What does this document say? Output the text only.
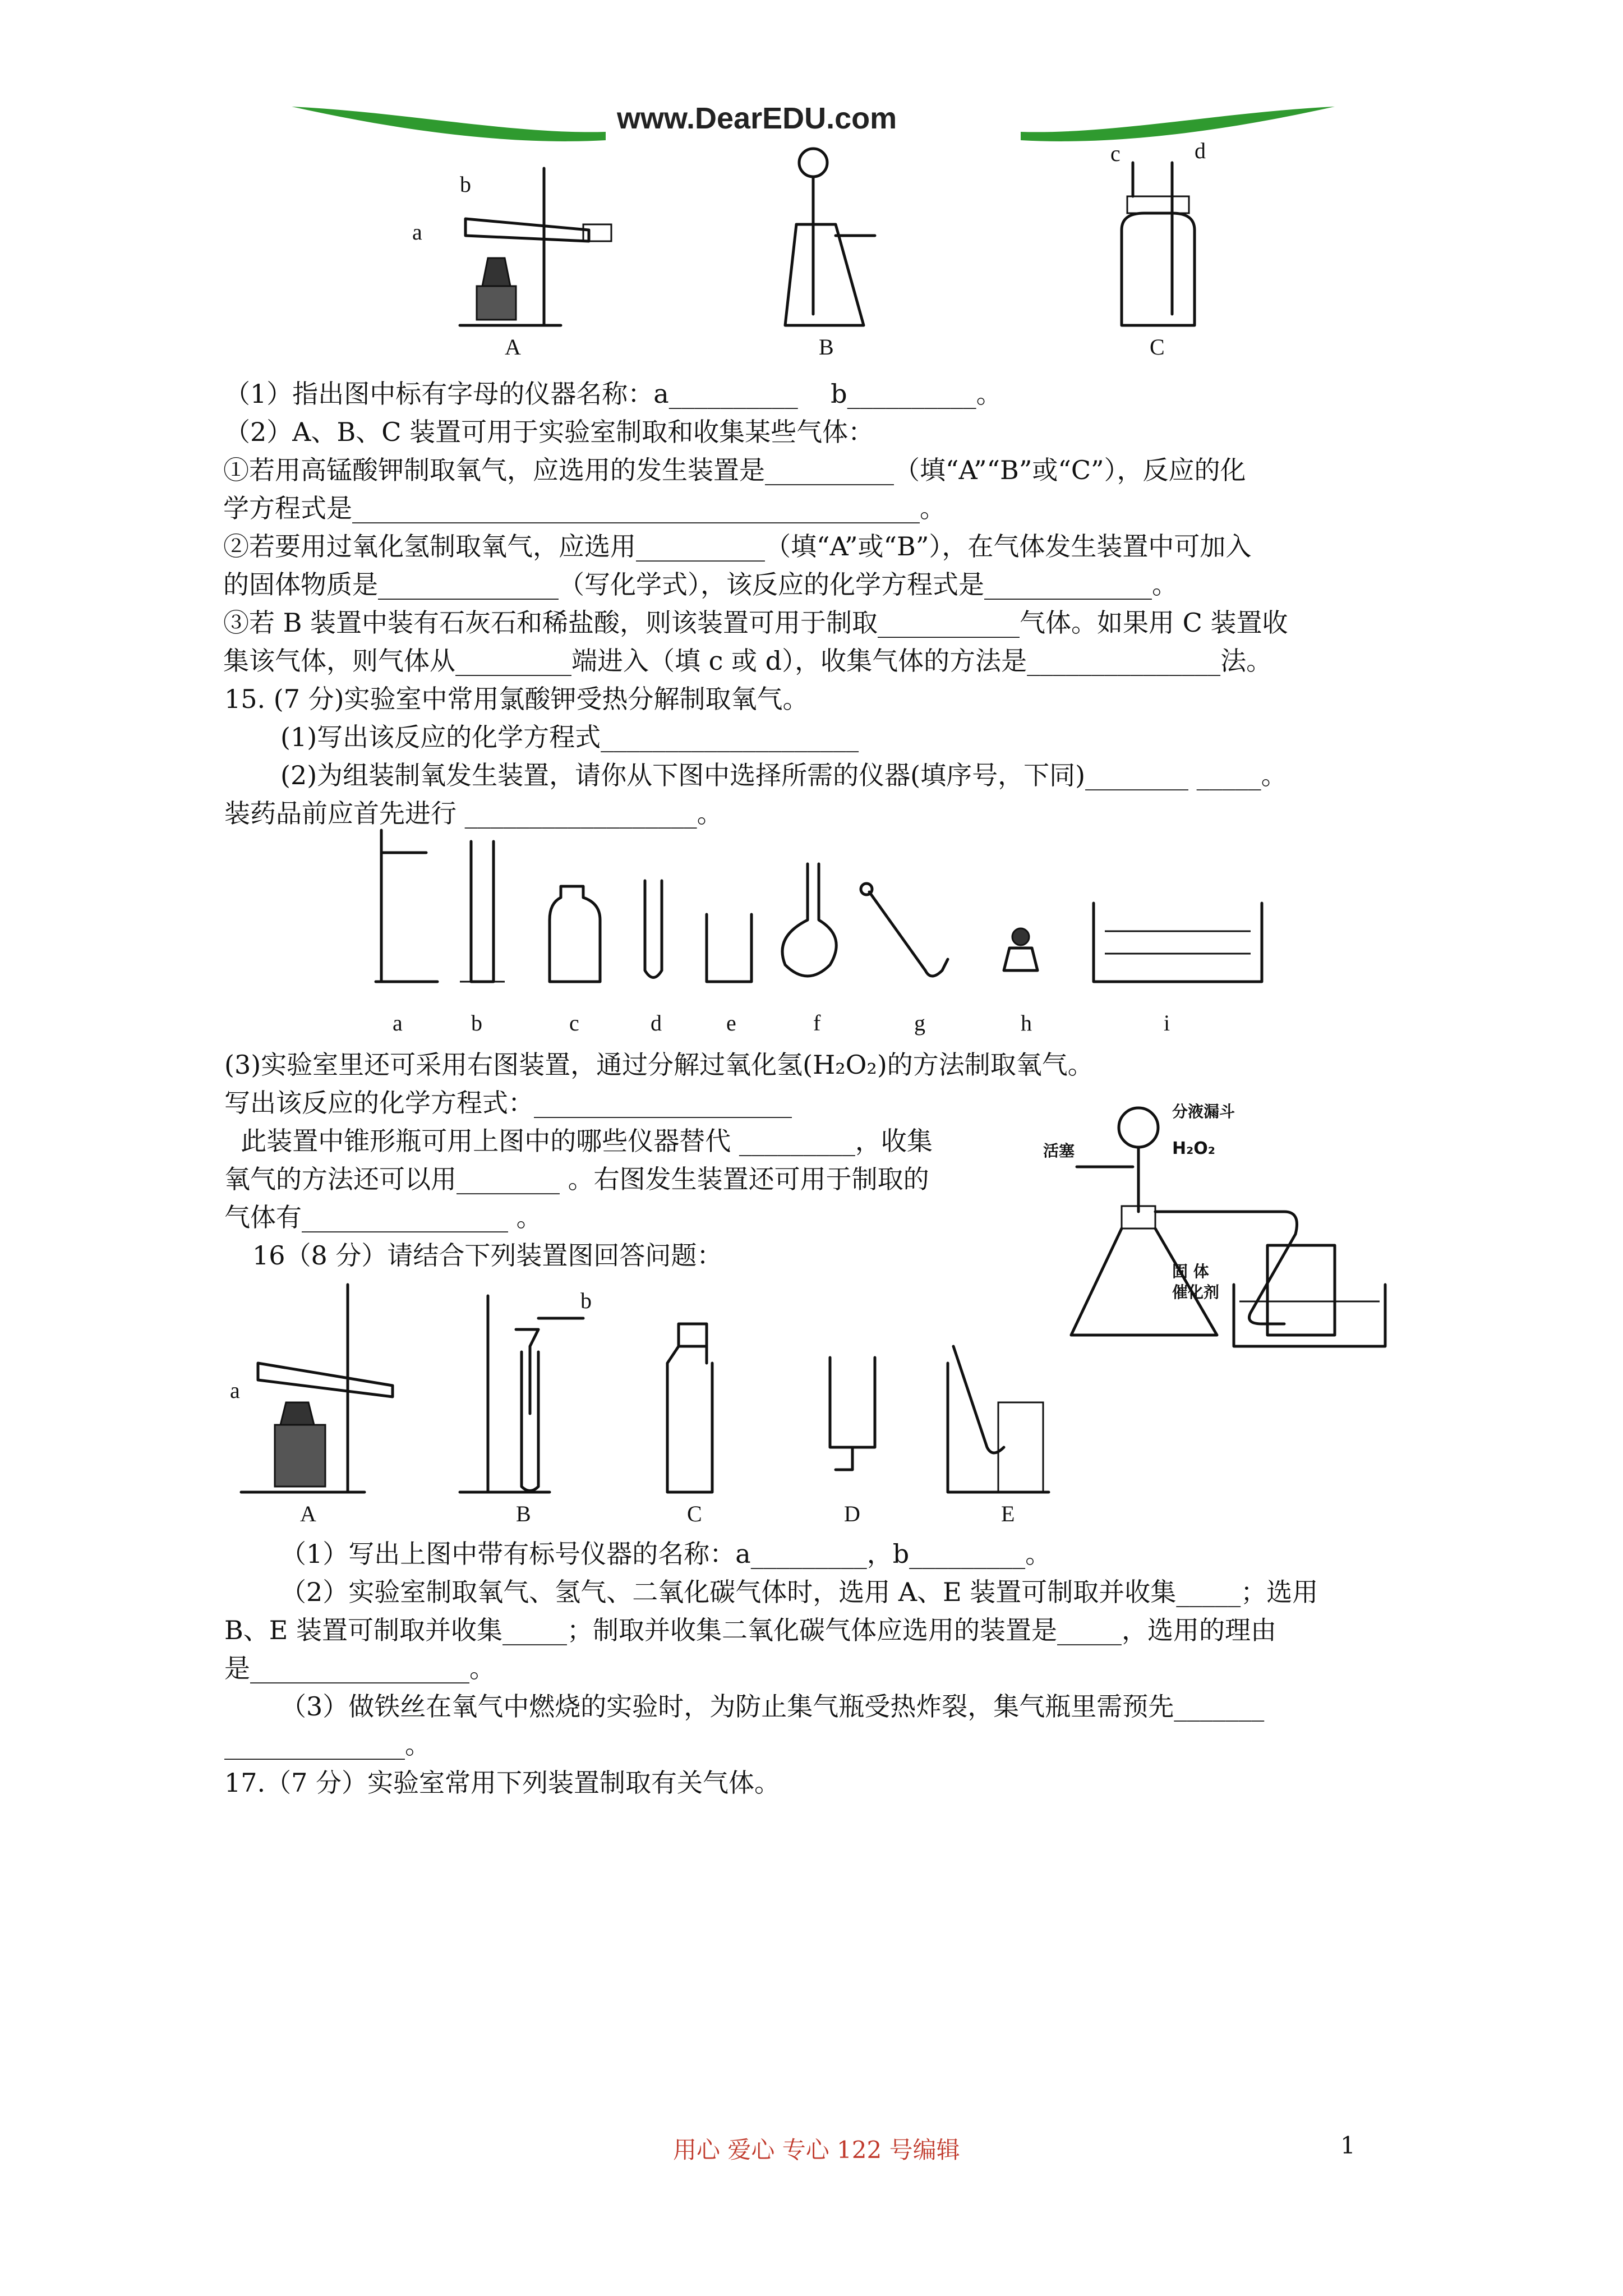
www.DearEDU.com
b
a
A	B
c	d
C
（1）指出图中标有字母的仪器名称：a__________    b__________。
（2）A、B、C 装置可用于实验室制取和收集某些气体：
①若用高锰酸钾制取氧气，应选用的发生装置是__________（填“A”“B”或“C”），反应的化
学方程式是____________________________________________。
②若要用过氧化氢制取氧气，应选用__________（填“A”或“B”），在气体发生装置中可加入
的固体物质是______________（写化学式），该反应的化学方程式是_____________。
③若 B 装置中装有石灰石和稀盐酸，则该装置可用于制取___________气体。如果用 C 装置收
集该气体，则气体从_________端进入（填 c 或 d），收集气体的方法是_______________法。
15. (7 分)实验室中常用氯酸钾受热分解制取氧气。
(1)写出该反应的化学方程式____________________
(2)为组装制氧发生装置，请你从下图中选择所需的仪器(填序号，下同)________ _____。
装药品前应首先进行 __________________。
a	b	c	d	e	f	g	h	i
(3)实验室里还可采用右图装置，通过分解过氧化氢(H₂O₂)的方法制取氧气。
写出该反应的化学方程式：____________________
此装置中锥形瓶可用上图中的哪些仪器替代 _________，收集
氧气的方法还可以用________ 。右图发生装置还可用于制取的
气体有________________ 。
分液漏斗
活塞	H₂O₂
固 体
催化剂
16（8 分）请结合下列装置图回答问题：
a
b
A	B	C	D	E
（1）写出上图中带有标号仪器的名称：a_________，b_________。
（2）实验室制取氧气、氢气、二氧化碳气体时，选用 A、E 装置可制取并收集_____；选用
B、E 装置可制取并收集_____；制取并收集二氧化碳气体应选用的装置是_____，选用的理由
是_________________。
（3）做铁丝在氧气中燃烧的实验时，为防止集气瓶受热炸裂，集气瓶里需预先_______
______________。
17.（7 分）实验室常用下列装置制取有关气体。
用心 爱心 专心 122 号编辑	1
